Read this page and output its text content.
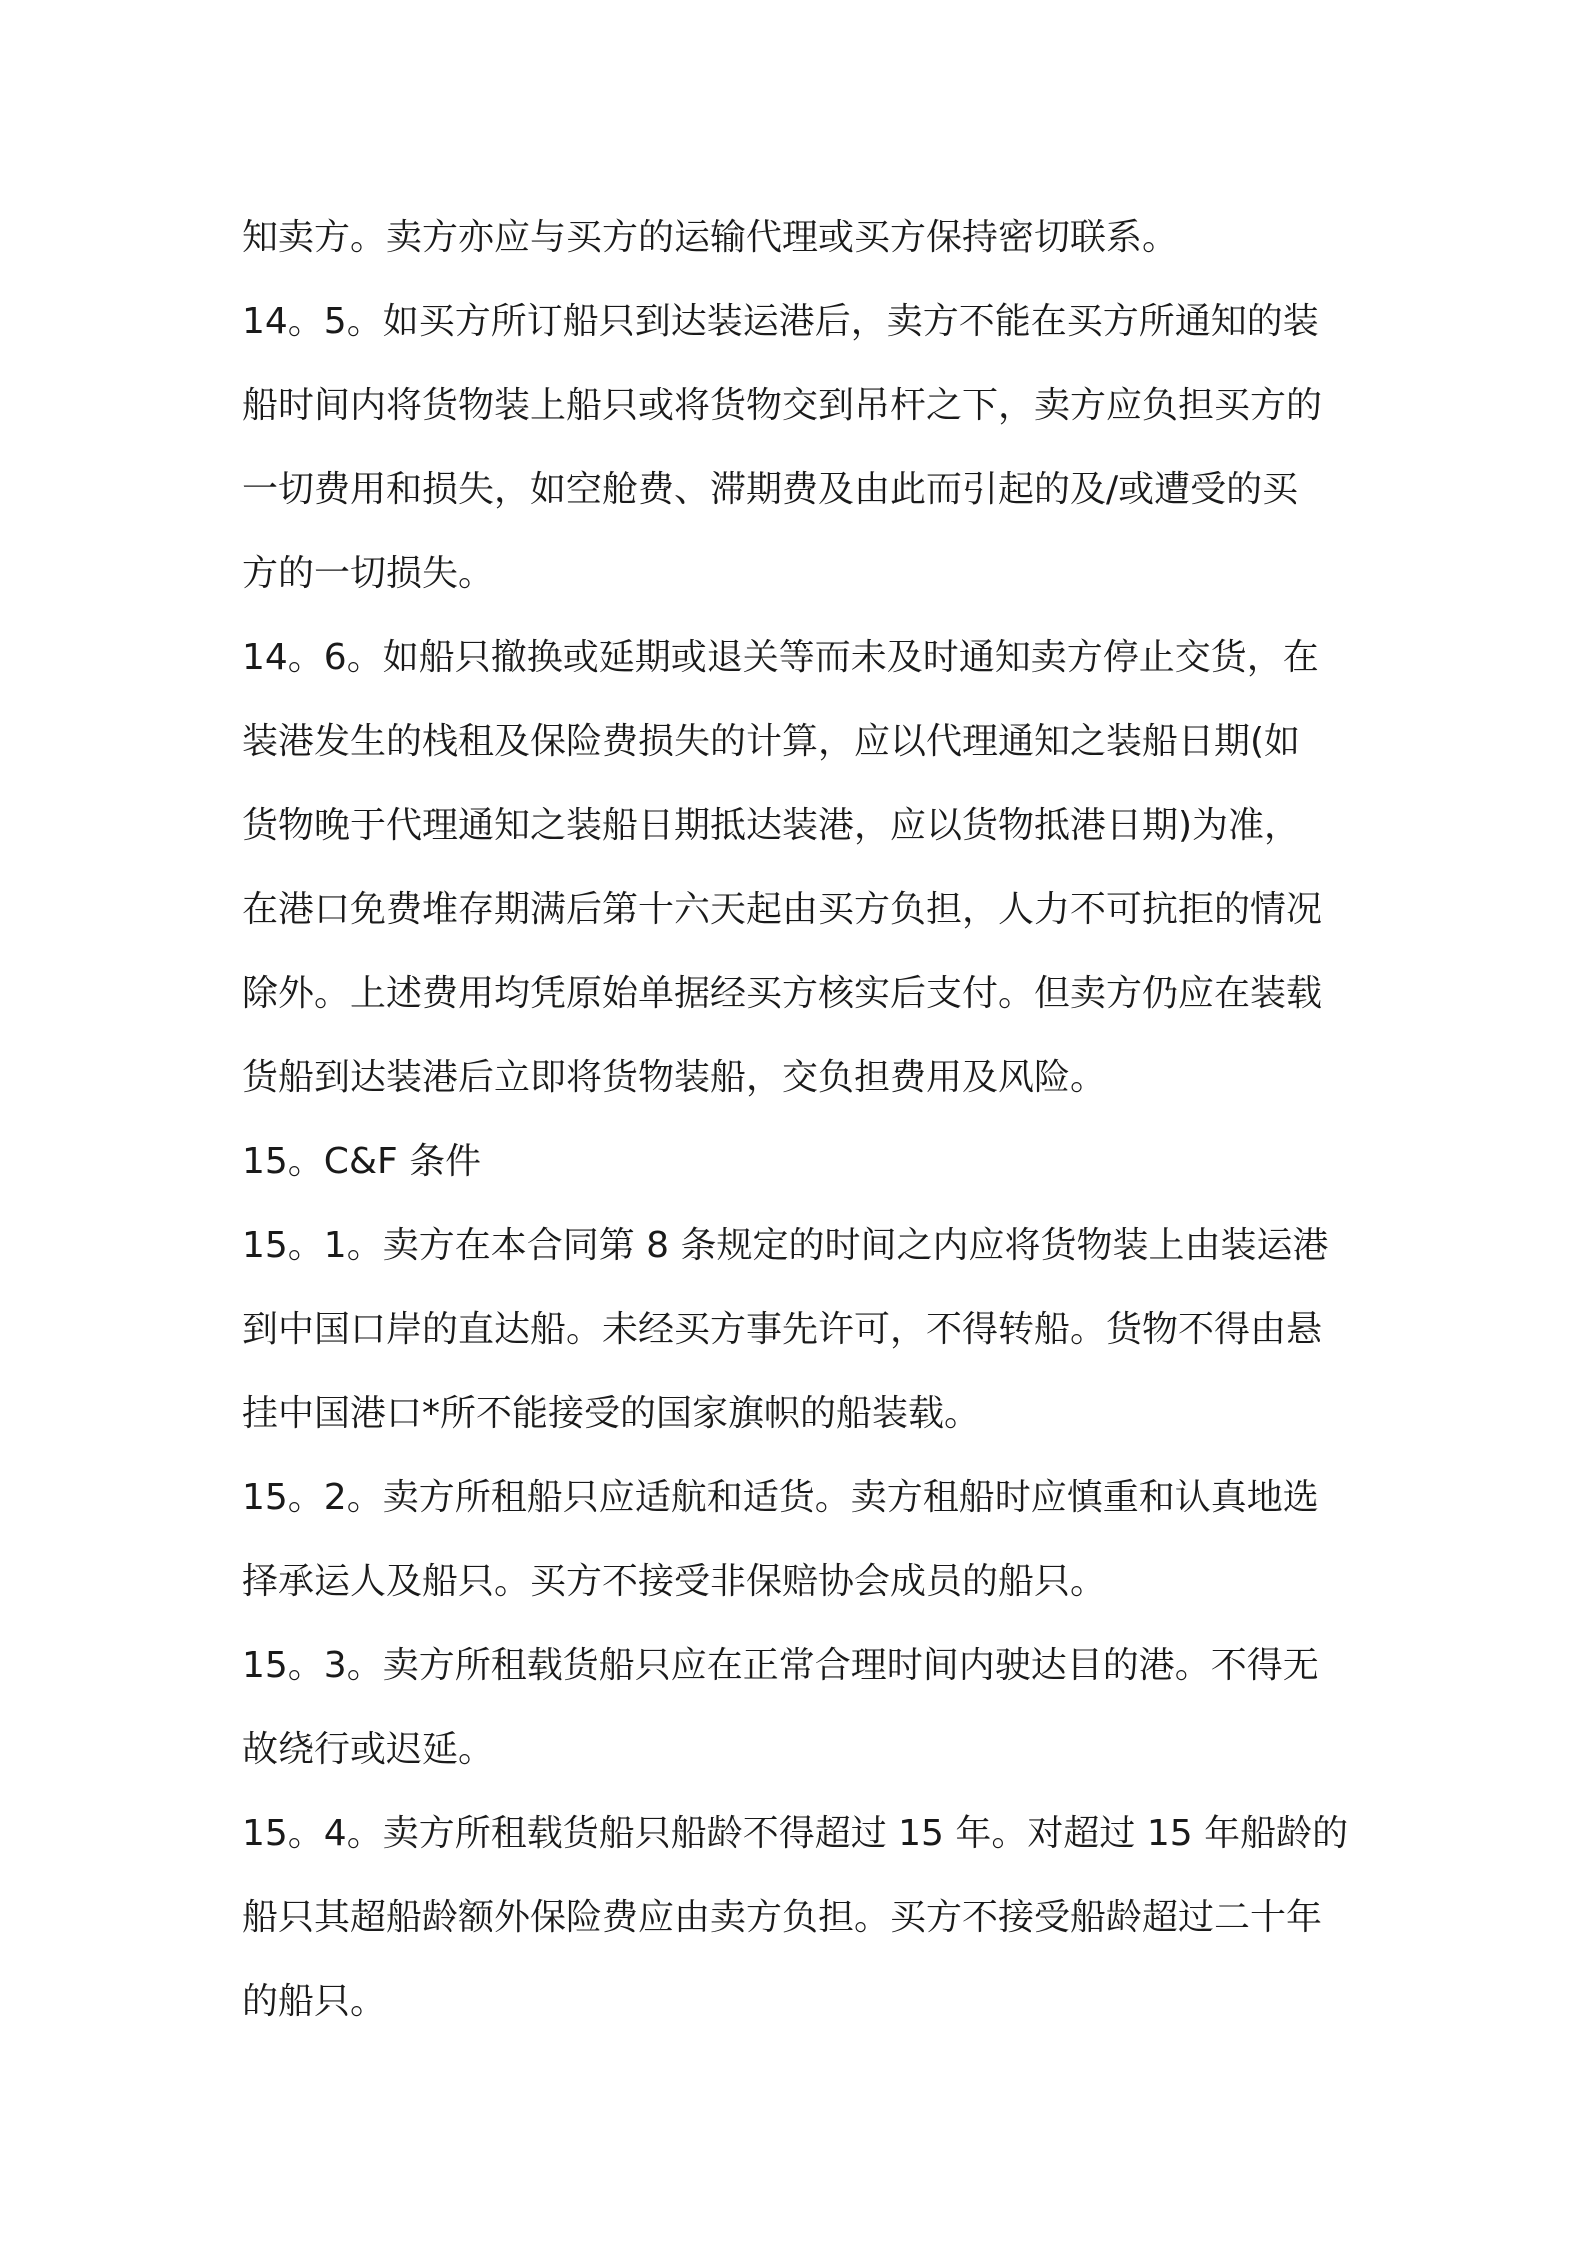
知卖方。卖方亦应与买方的运输代理或买方保持密切联系。

14。5。如买方所订船只到达装运港后，卖方不能在买方所通知的装

船时间内将货物装上船只或将货物交到吊杆之下，卖方应负担买方的

一切费用和损失，如空舱费、滞期费及由此而引起的及/或遭受的买

方的一切损失。

14。6。如船只撤换或延期或退关等而未及时通知卖方停止交货，在

装港发生的栈租及保险费损失的计算，应以代理通知之装船日期(如

货物晚于代理通知之装船日期抵达装港，应以货物抵港日期)为准，

在港口免费堆存期满后第十六天起由买方负担，人力不可抗拒的情况

除外。上述费用均凭原始单据经买方核实后支付。但卖方仍应在装载

货船到达装港后立即将货物装船，交负担费用及风险。

15。C&F 条件

15。1。卖方在本合同第 8 条规定的时间之内应将货物装上由装运港

到中国口岸的直达船。未经买方事先许可，不得转船。货物不得由悬

挂中国港口*所不能接受的国家旗帜的船装载。

15。2。卖方所租船只应适航和适货。卖方租船时应慎重和认真地选

择承运人及船只。买方不接受非保赔协会成员的船只。

15。3。卖方所租载货船只应在正常合理时间内驶达目的港。不得无

故绕行或迟延。

15。4。卖方所租载货船只船龄不得超过 15 年。对超过 15 年船龄的

船只其超船龄额外保险费应由卖方负担。买方不接受船龄超过二十年

的船只。
